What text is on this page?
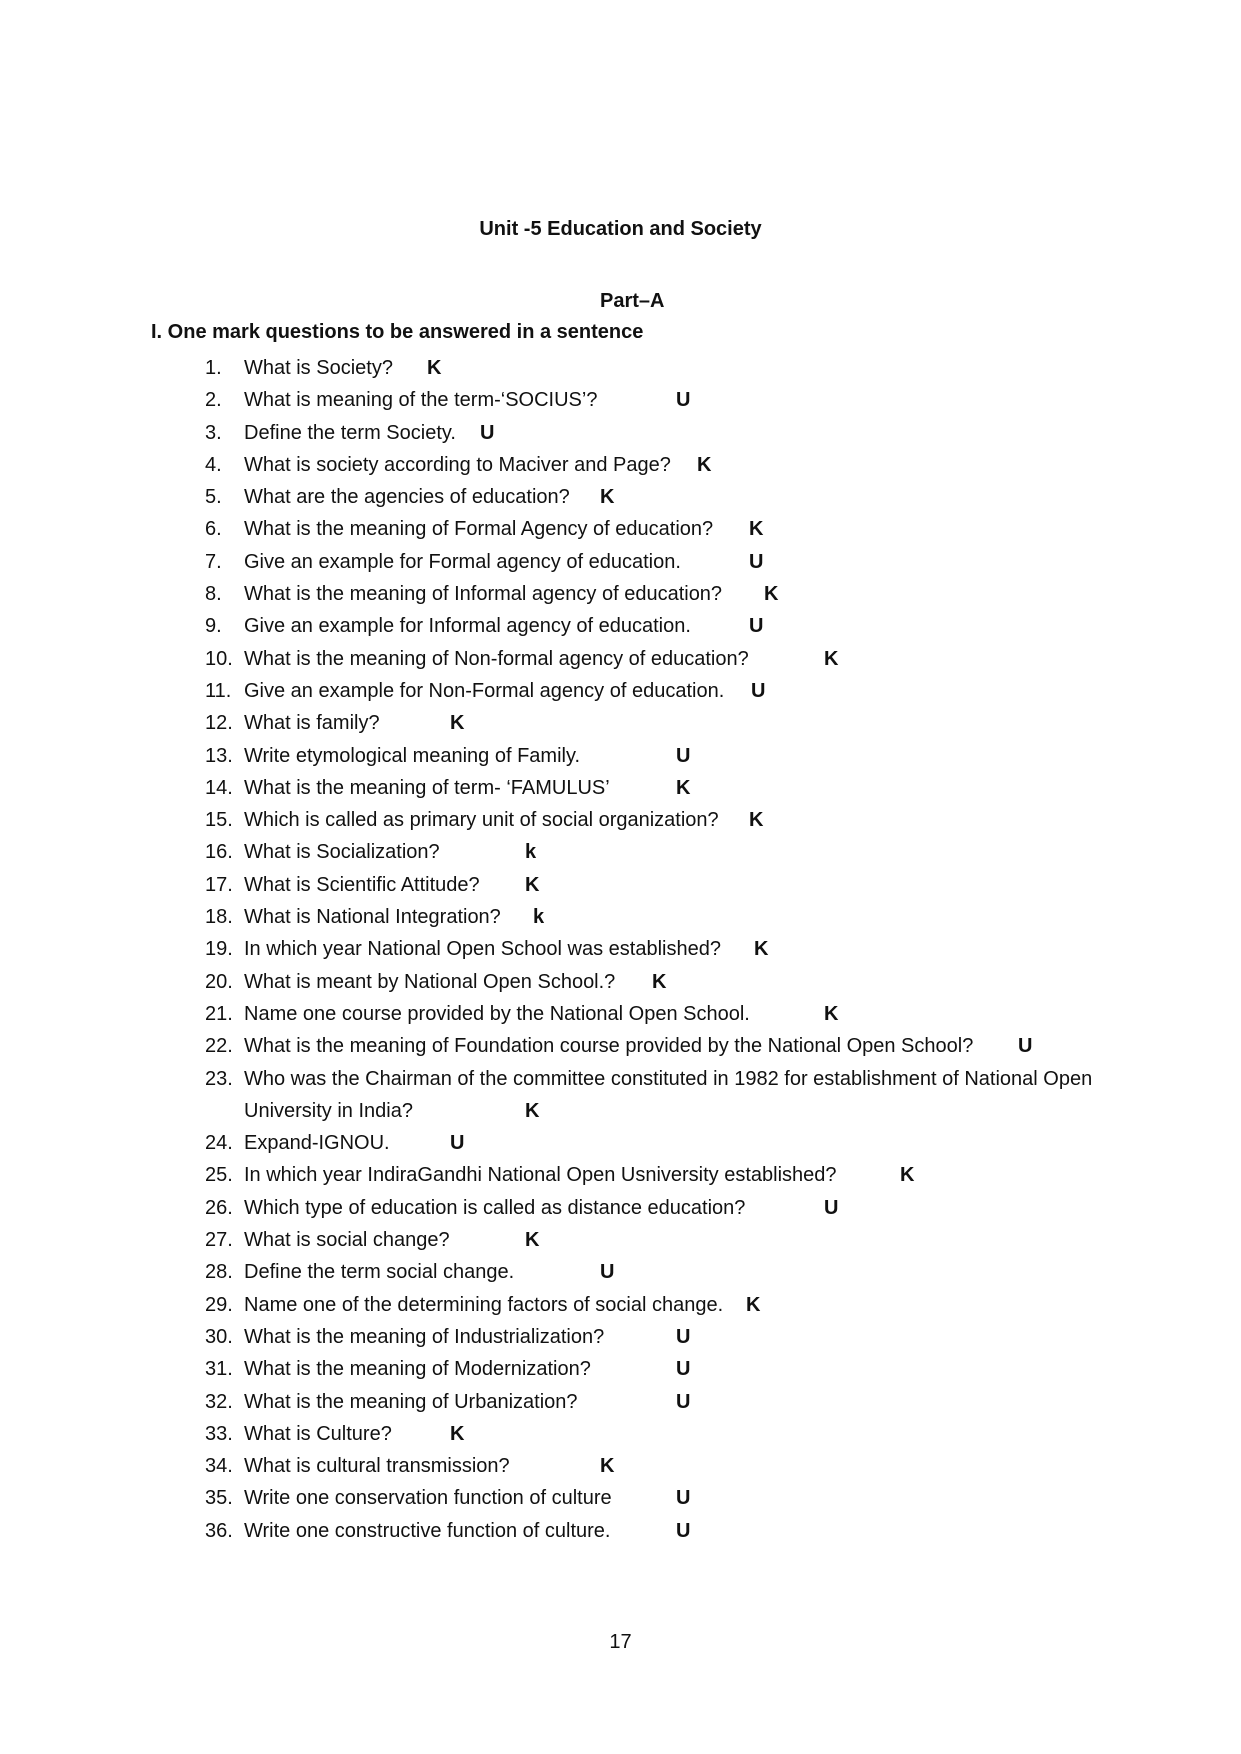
Unit -5 Education and Society
Part–A
I. One mark questions to be answered in a sentence
1.	What is Society?	K
2.	What is meaning of the term-‘SOCIUS’?	U
3.	Define the term Society.	U
4.	What is society according to Maciver and Page?	K
5.	What are the agencies of education?	K
6.	What is the meaning of Formal Agency of education?	K
7.	Give an example for Formal agency of education.	U
8.	What is the meaning of Informal agency of education?	K
9.	Give an example for Informal agency of education.	U
10. What is the meaning of Non-formal agency of education?	K
11. Give an example for Non-Formal agency of education.	U
12. What is family?	K
13. Write etymological meaning of Family.	U
14. What is the meaning of term- ‘FAMULUS’	K
15. Which is called as primary unit of social organization?	K
16. What is Socialization?	k
17. What is Scientific Attitude?	K
18. What is National Integration?	k
19. In which year National Open School was established?	K
20. What is meant by National Open School.?	K
21. Name one course provided by the National Open School.	K
22. What is the meaning of Foundation course provided by the National Open School?	U
23. Who was the Chairman of the committee constituted in 1982 for establishment of National Open University in India?	K
24. Expand-IGNOU.	U
25. In which year IndiraGandhi National Open Usniversity established?	K
26. Which type of education is called as distance education?	U
27. What is social change?	K
28. Define the term social change.	U
29. Name one of the determining factors of social change.	K
30. What is the meaning of Industrialization?	U
31. What is the meaning of Modernization?	U
32. What is the meaning of Urbanization?	U
33. What is Culture?	K
34. What is cultural transmission?	K
35. Write one conservation function of culture	U
36. Write one constructive function of culture.	U
17
